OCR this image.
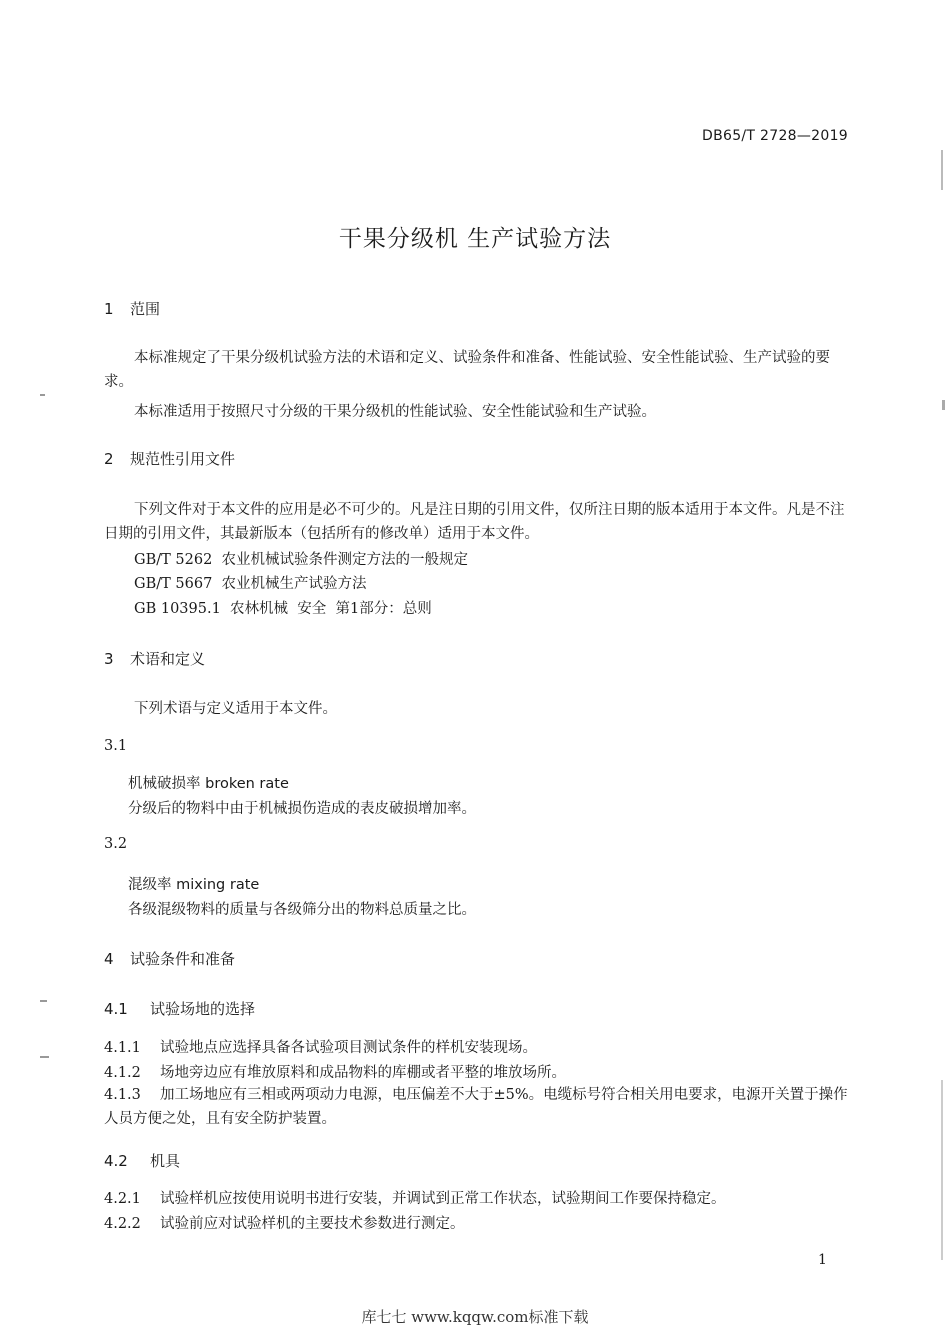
DB65/T 2728—2019
干果分级机 生产试验方法
1 范围
本标准规定了干果分级机试验方法的术语和定义、试验条件和准备、性能试验、安全性能试验、生产试验的要求。
本标准适用于按照尺寸分级的干果分级机的性能试验、安全性能试验和生产试验。
2 规范性引用文件
下列文件对于本文件的应用是必不可少的。凡是注日期的引用文件，仅所注日期的版本适用于本文件。凡是不注日期的引用文件，其最新版本（包括所有的修改单）适用于本文件。
GB/T 5262  农业机械试验条件测定方法的一般规定
GB/T 5667  农业机械生产试验方法
GB 10395.1  农林机械  安全  第1部分：总则
3 术语和定义
下列术语与定义适用于本文件。
3.1
机械破损率 broken rate
分级后的物料中由于机械损伤造成的表皮破损增加率。
3.2
混级率 mixing rate
各级混级物料的质量与各级筛分出的物料总质量之比。
4 试验条件和准备
4.1 试验场地的选择
4.1.1 试验地点应选择具备各试验项目测试条件的样机安装现场。
4.1.2 场地旁边应有堆放原料和成品物料的库棚或者平整的堆放场所。
4.1.3 加工场地应有三相或两项动力电源，电压偏差不大于±5%。电缆标号符合相关用电要求，电源开关置于操作人员方便之处，且有安全防护装置。
4.2 机具
4.2.1 试验样机应按使用说明书进行安装，并调试到正常工作状态，试验期间工作要保持稳定。
4.2.2 试验前应对试验样机的主要技术参数进行测定。
1
库七七 www.kqqw.com标准下载
